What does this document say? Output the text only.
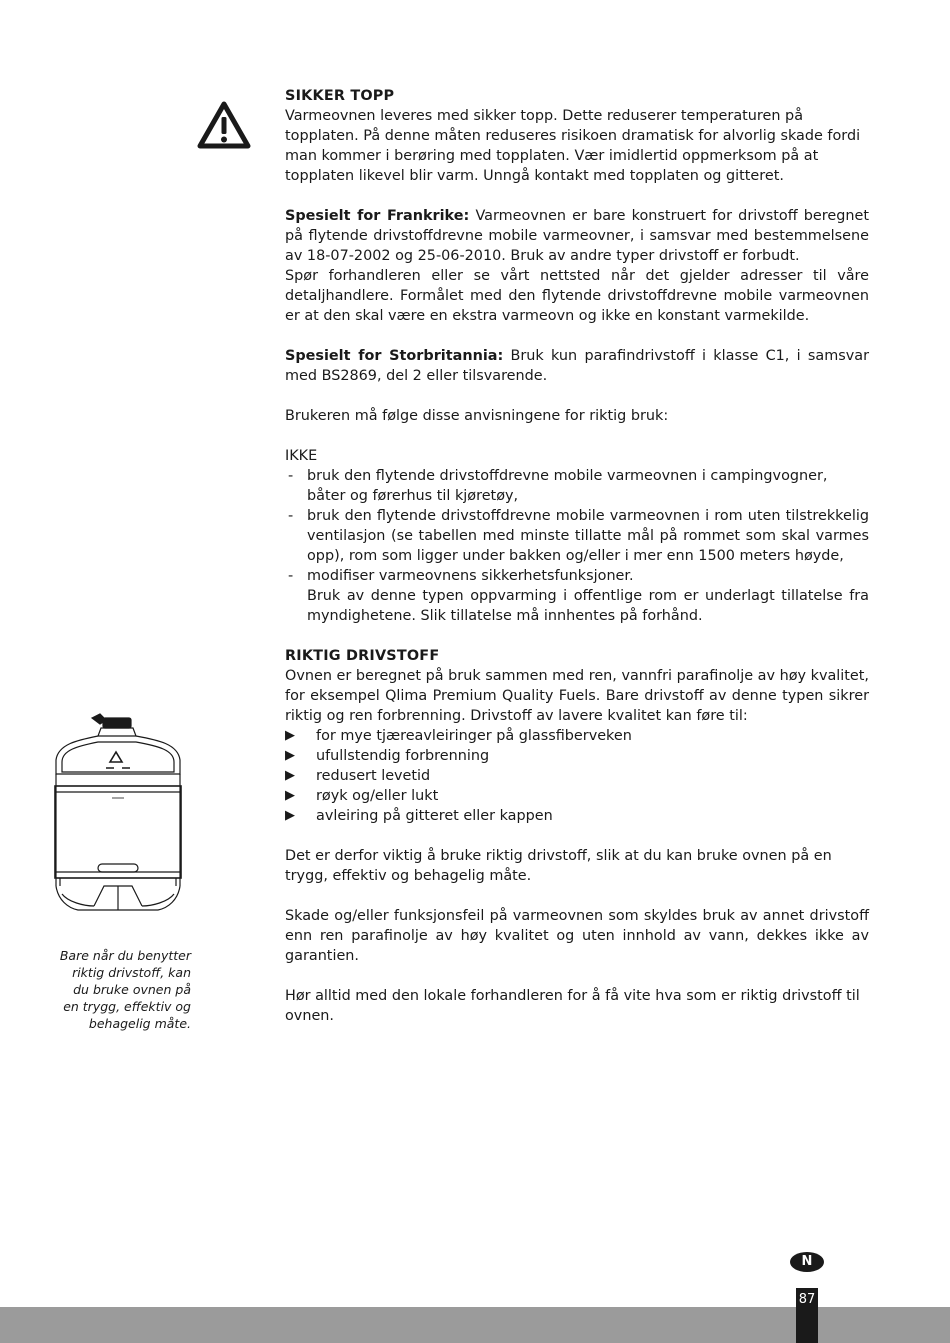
SIKKER TOPP

Varmeovnen leveres med sikker topp. Dette reduserer temperaturen på topplaten. På denne måten reduseres risikoen dramatisk for alvorlig skade fordi man kommer i berøring med topplaten. Vær imidlertid oppmerksom på at topplaten likevel blir varm. Unngå kontakt med topplaten og gitteret.

Spesielt for Frankrike: Varmeovnen er bare konstruert for drivstoff beregnet på flytende drivstoffdrevne mobile varmeovner, i samsvar med bestemmelsene av 18-07-2002 og 25-06-2010. Bruk av andre typer drivstoff er forbudt.

Spør forhandleren eller se vårt nettsted når det gjelder adresser til våre detaljhandlere. Formålet med den flytende drivstoffdrevne mobile varmeovnen er at den skal være en ekstra varmeovn og ikke en konstant varmekilde.

Spesielt for Storbritannia: Bruk kun parafindrivstoff i klasse C1, i samsvar med BS2869, del 2 eller tilsvarende.

Brukeren må følge disse anvisningene for riktig bruk:

IKKE

- bruk den flytende drivstoffdrevne mobile varmeovnen i campingvogner, båter og førerhus til kjøretøy,
- bruk den flytende drivstoffdrevne mobile varmeovnen i rom uten tilstrekkelig ventilasjon (se tabellen med minste tillatte mål på rommet som skal varmes opp), rom som ligger under bakken og/eller i mer enn 1500 meters høyde,
- modifiser varmeovnens sikkerhetsfunksjoner.

Bruk av denne typen oppvarming i offentlige rom er underlagt tillatelse fra myndighetene. Slik tillatelse må innhentes på forhånd.

RIKTIG DRIVSTOFF

Ovnen er beregnet på bruk sammen med ren, vannfri parafinolje av høy kvalitet, for eksempel Qlima Premium Quality Fuels. Bare drivstoff av denne typen sikrer riktig og ren forbrenning. Drivstoff av lavere kvalitet kan føre til:

▶ for mye tjæreavleiringer på glassfiberveken
▶ ufullstendig forbrenning
▶ redusert levetid
▶ røyk og/eller lukt
▶ avleiring på gitteret eller kappen

Det er derfor viktig å bruke riktig drivstoff, slik at du kan bruke ovnen på en trygg, effektiv og behagelig måte.

Skade og/eller funksjonsfeil på varmeovnen som skyldes bruk av annet drivstoff enn ren parafinolje av høy kvalitet og uten innhold av vann, dekkes ikke av garantien.

Hør alltid med den lokale forhandleren for å få vite hva som er riktig drivstoff til ovnen.

Bare når du benytter riktig drivstoff, kan du bruke ovnen på en trygg, effektiv og behagelig måte.

N
87
